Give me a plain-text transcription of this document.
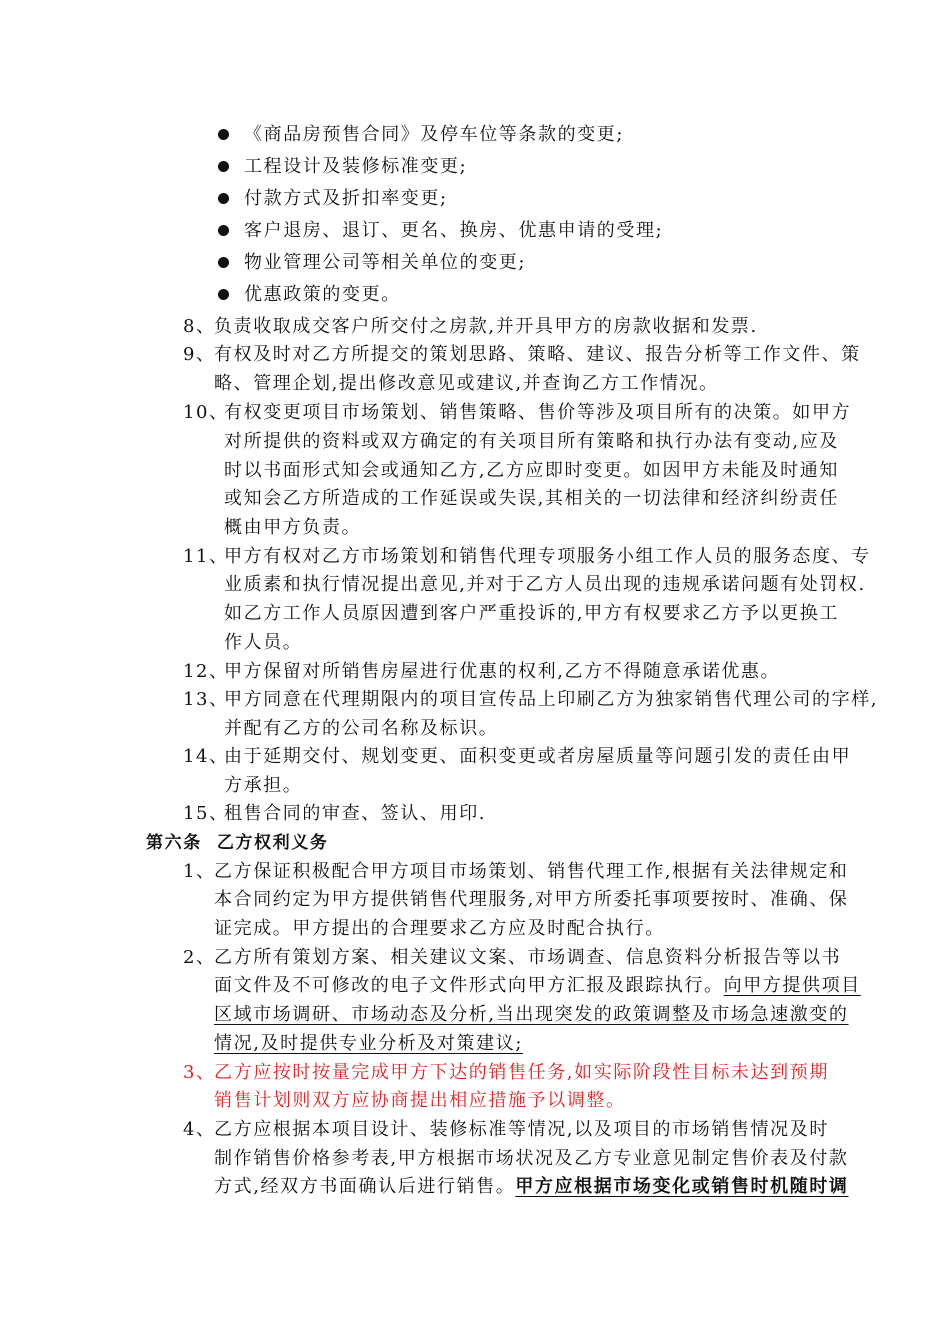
《商品房预售合同》及停车位等条款的变更;
工程设计及装修标准变更;
付款方式及折扣率变更;
客户退房、退订、更名、换房、优惠申请的受理;
物业管理公司等相关单位的变更;
优惠政策的变更。
8、
负责收取成交客户所交付之房款,并开具甲方的房款收据和发票.
9、
有权及时对乙方所提交的策划思路、策略、建议、报告分析等工作文件、策
略、管理企划,提出修改意见或建议,并查询乙方工作情况。
10、
有权变更项目市场策划、销售策略、售价等涉及项目所有的决策。如甲方
对所提供的资料或双方确定的有关项目所有策略和执行办法有变动,应及
时以书面形式知会或通知乙方,乙方应即时变更。如因甲方未能及时通知
或知会乙方所造成的工作延误或失误,其相关的一切法律和经济纠纷责任
概由甲方负责。
11、
甲方有权对乙方市场策划和销售代理专项服务小组工作人员的服务态度、专
业质素和执行情况提出意见,并对于乙方人员出现的违规承诺问题有处罚权.
如乙方工作人员原因遭到客户严重投诉的,甲方有权要求乙方予以更换工
作人员。
12、
甲方保留对所销售房屋进行优惠的权利,乙方不得随意承诺优惠。
13、
甲方同意在代理期限内的项目宣传品上印刷乙方为独家销售代理公司的字样,
并配有乙方的公司名称及标识。
14、
由于延期交付、规划变更、面积变更或者房屋质量等问题引发的责任由甲
方承担。
15、
租售合同的审查、签认、用印.
第六条  乙方权利义务
1、
乙方保证积极配合甲方项目市场策划、销售代理工作,根据有关法律规定和
本合同约定为甲方提供销售代理服务,对甲方所委托事项要按时、准确、保
证完成。甲方提出的合理要求乙方应及时配合执行。
2、
乙方所有策划方案、相关建议文案、市场调查、信息资料分析报告等以书
面文件及不可修改的电子文件形式向甲方汇报及跟踪执行。向甲方提供项目
区域市场调研、市场动态及分析,当出现突发的政策调整及市场急速激变的
情况,及时提供专业分析及对策建议;
3、
乙方应按时按量完成甲方下达的销售任务,如实际阶段性目标未达到预期
销售计划则双方应协商提出相应措施予以调整。
4、
乙方应根据本项目设计、装修标准等情况,以及项目的市场销售情况及时
制作销售价格参考表,甲方根据市场状况及乙方专业意见制定售价表及付款
方式,经双方书面确认后进行销售。甲方应根据市场变化或销售时机随时调
